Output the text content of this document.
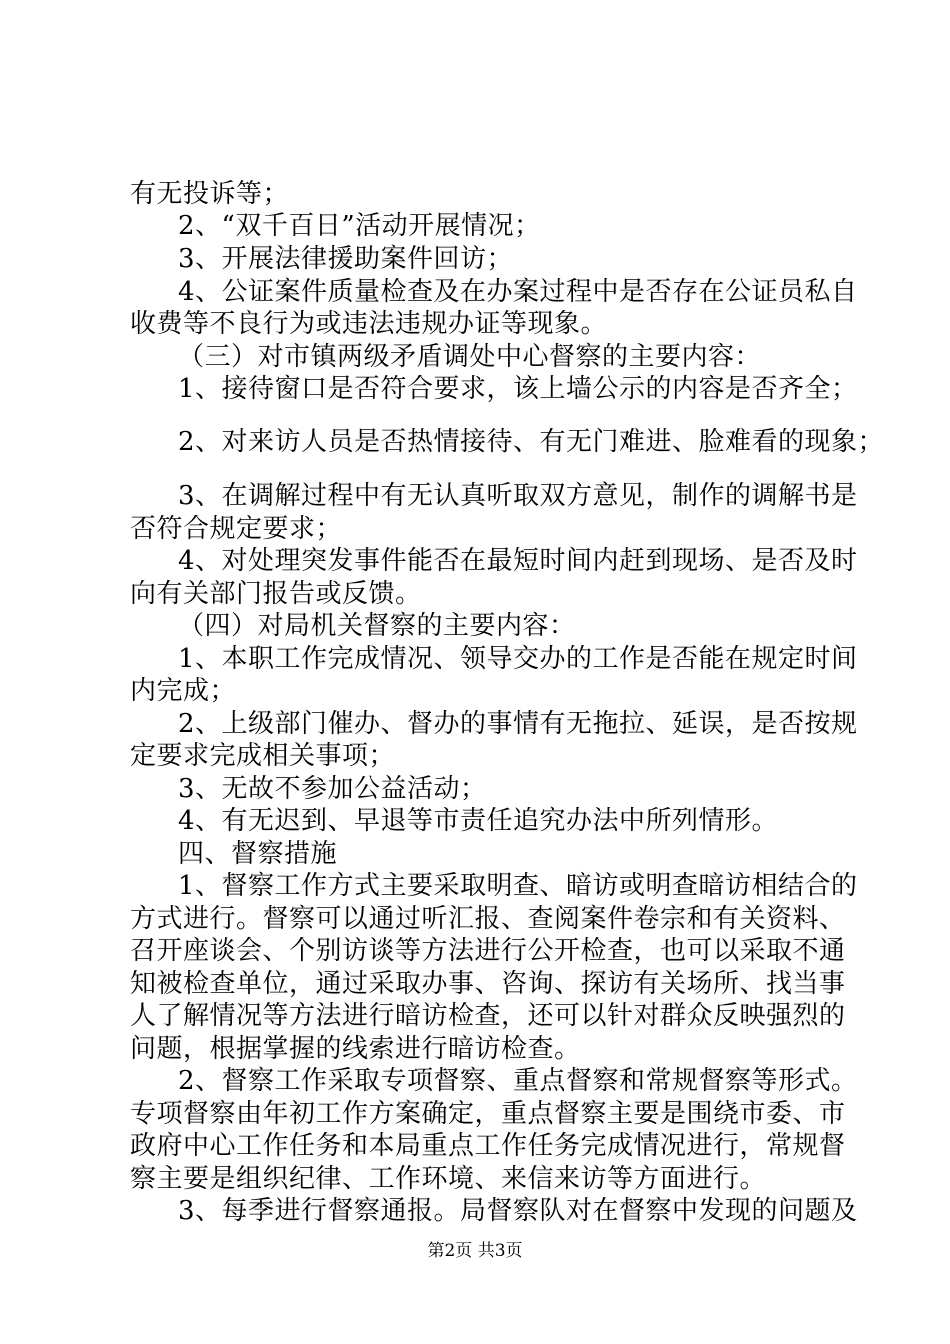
有无投诉等；
2、“双千百日”活动开展情况；
3、开展法律援助案件回访；
4、公证案件质量检查及在办案过程中是否存在公证员私自
收费等不良行为或违法违规办证等现象。
（三）对市镇两级矛盾调处中心督察的主要内容：
1、接待窗口是否符合要求，该上墙公示的内容是否齐全；
2、对来访人员是否热情接待、有无门难进、脸难看的现象；
3、在调解过程中有无认真听取双方意见，制作的调解书是
否符合规定要求；
4、对处理突发事件能否在最短时间内赶到现场、是否及时
向有关部门报告或反馈。
（四）对局机关督察的主要内容：
1、本职工作完成情况、领导交办的工作是否能在规定时间
内完成；
2、上级部门催办、督办的事情有无拖拉、延误，是否按规
定要求完成相关事项；
3、无故不参加公益活动；
4、有无迟到、早退等市责任追究办法中所列情形。
四、督察措施
1、督察工作方式主要采取明查、暗访或明查暗访相结合的
方式进行。督察可以通过听汇报、查阅案件卷宗和有关资料、
召开座谈会、个别访谈等方法进行公开检查，也可以采取不通
知被检查单位，通过采取办事、咨询、探访有关场所、找当事
人了解情况等方法进行暗访检查，还可以针对群众反映强烈的
问题，根据掌握的线索进行暗访检查。
2、督察工作采取专项督察、重点督察和常规督察等形式。
专项督察由年初工作方案确定，重点督察主要是围绕市委、市
政府中心工作任务和本局重点工作任务完成情况进行，常规督
察主要是组织纪律、工作环境、来信来访等方面进行。
3、每季进行督察通报。局督察队对在督察中发现的问题及
第2页 共3页
